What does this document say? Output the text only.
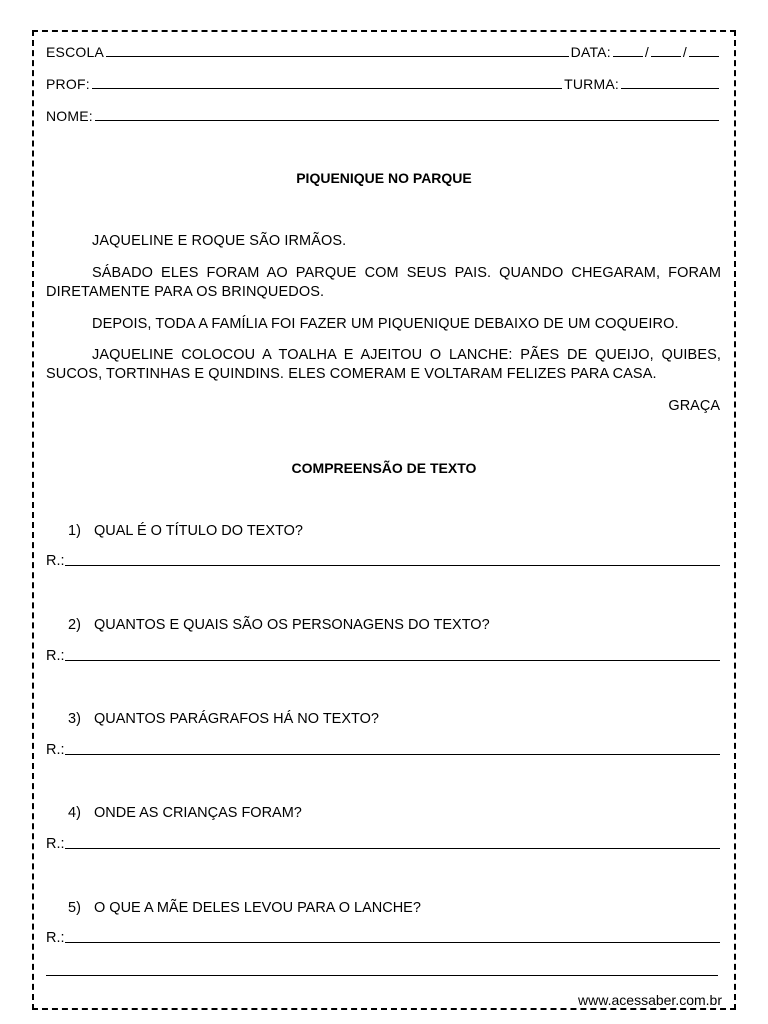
ESCOLA	DATA: / /
PROF:	TURMA:
NOME:
PIQUENIQUE NO PARQUE
JAQUELINE E ROQUE SÃO IRMÃOS.
SÁBADO ELES FORAM AO PARQUE COM SEUS PAIS. QUANDO CHEGARAM, FORAM DIRETAMENTE PARA OS BRINQUEDOS.
DEPOIS, TODA A FAMÍLIA FOI FAZER UM PIQUENIQUE DEBAIXO DE UM COQUEIRO.
JAQUELINE COLOCOU A TOALHA E AJEITOU O LANCHE: PÃES DE QUEIJO, QUIBES, SUCOS, TORTINHAS E QUINDINS. ELES COMERAM E VOLTARAM FELIZES PARA CASA.
GRAÇA
COMPREENSÃO DE TEXTO
1) QUAL É O TÍTULO DO TEXTO?
R.:
2) QUANTOS E QUAIS SÃO OS PERSONAGENS DO TEXTO?
R.:
3) QUANTOS PARÁGRAFOS HÁ NO TEXTO?
R.:
4) ONDE AS CRIANÇAS FORAM?
R.:
5) O QUE A MÃE DELES LEVOU PARA O LANCHE?
R.:
www.acessaber.com.br
